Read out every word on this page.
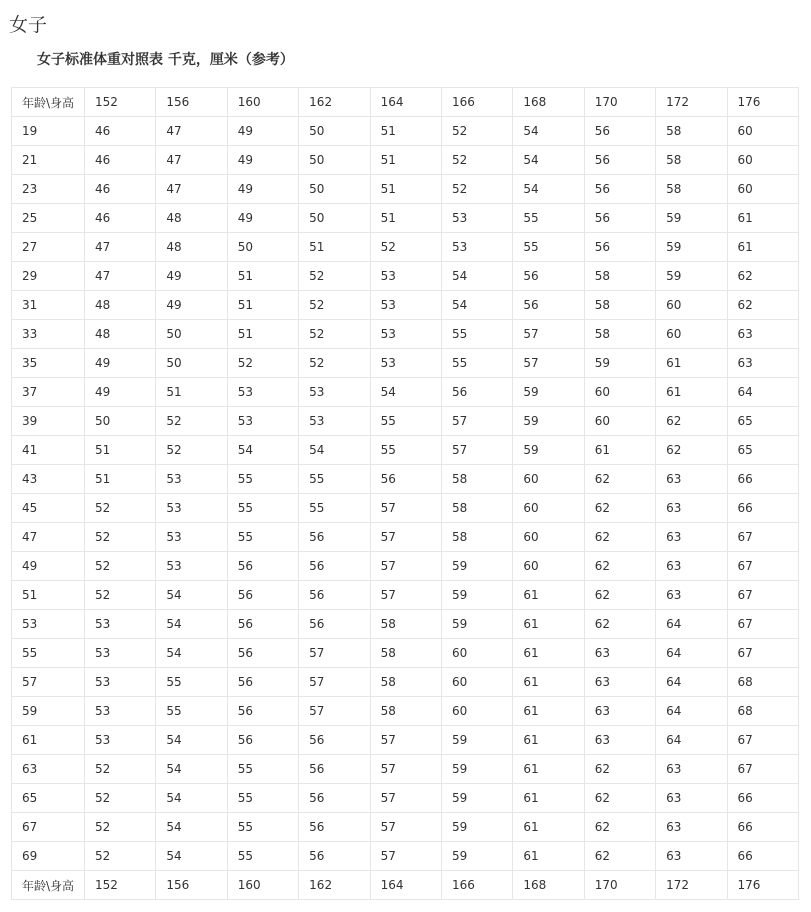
女子

女子标准体重对照表 千克，厘米（参考）

年龄\身高	152	156	160	162	164	166	168	170	172	176
19	46	47	49	50	51	52	54	56	58	60
21	46	47	49	50	51	52	54	56	58	60
23	46	47	49	50	51	52	54	56	58	60
25	46	48	49	50	51	53	55	56	59	61
27	47	48	50	51	52	53	55	56	59	61
29	47	49	51	52	53	54	56	58	59	62
31	48	49	51	52	53	54	56	58	60	62
33	48	50	51	52	53	55	57	58	60	63
35	49	50	52	52	53	55	57	59	61	63
37	49	51	53	53	54	56	59	60	61	64
39	50	52	53	53	55	57	59	60	62	65
41	51	52	54	54	55	57	59	61	62	65
43	51	53	55	55	56	58	60	62	63	66
45	52	53	55	55	57	58	60	62	63	66
47	52	53	55	56	57	58	60	62	63	67
49	52	53	56	56	57	59	60	62	63	67
51	52	54	56	56	57	59	61	62	63	67
53	53	54	56	56	58	59	61	62	64	67
55	53	54	56	57	58	60	61	63	64	67
57	53	55	56	57	58	60	61	63	64	68
59	53	55	56	57	58	60	61	63	64	68
61	53	54	56	56	57	59	61	63	64	67
63	52	54	55	56	57	59	61	62	63	67
65	52	54	55	56	57	59	61	62	63	66
67	52	54	55	56	57	59	61	62	63	66
69	52	54	55	56	57	59	61	62	63	66
年龄\身高	152	156	160	162	164	166	168	170	172	176
